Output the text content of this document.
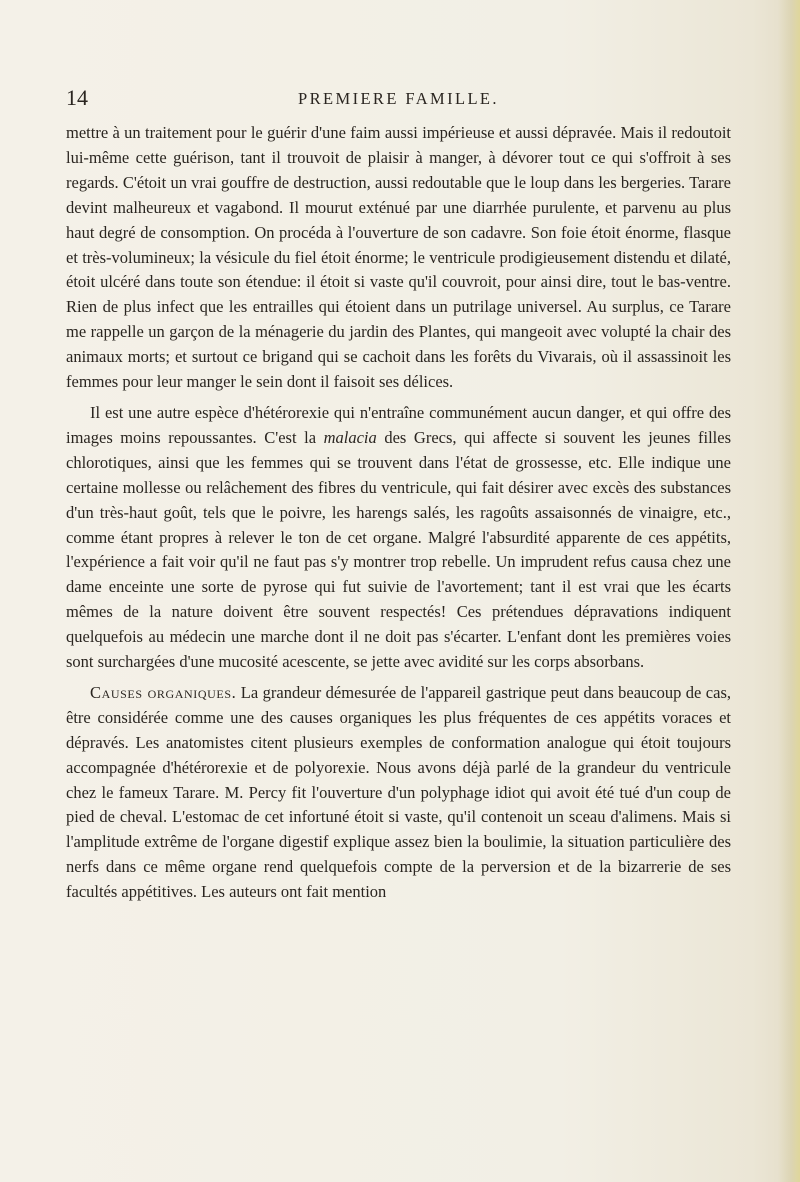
14	PREMIERE FAMILLE.

mettre à un traitement pour le guérir d'une faim aussi impérieuse et aussi dépravée. Mais il redoutoit lui-même cette guérison, tant il trouvoit de plaisir à manger, à dévorer tout ce qui s'offroit à ses regards. C'étoit un vrai gouffre de destruction, aussi redoutable que le loup dans les bergeries. Tarare devint malheureux et vagabond. Il mourut exténué par une diarrhée purulente, et parvenu au plus haut degré de consomption. On procéda à l'ouverture de son cadavre. Son foie étoit énorme, flasque et très-volumineux; la vésicule du fiel étoit énorme; le ventricule prodigieusement distendu et dilaté, étoit ulcéré dans toute son étendue: il étoit si vaste qu'il couvroit, pour ainsi dire, tout le bas-ventre. Rien de plus infect que les entrailles qui étoient dans un putrilage universel. Au surplus, ce Tarare me rappelle un garçon de la ménagerie du jardin des Plantes, qui mangeoit avec volupté la chair des animaux morts; et surtout ce brigand qui se cachoit dans les forêts du Vivarais, où il assassinoit les femmes pour leur manger le sein dont il faisoit ses délices.

Il est une autre espèce d'hétérorexie qui n'entraîne communément aucun danger, et qui offre des images moins repoussantes. C'est la malacia des Grecs, qui affecte si souvent les jeunes filles chlorotiques, ainsi que les femmes qui se trouvent dans l'état de grossesse, etc. Elle indique une certaine mollesse ou relâchement des fibres du ventricule, qui fait désirer avec excès des substances d'un très-haut goût, tels que le poivre, les harengs salés, les ragoûts assaisonnés de vinaigre, etc., comme étant propres à relever le ton de cet organe. Malgré l'absurdité apparente de ces appétits, l'expérience a fait voir qu'il ne faut pas s'y montrer trop rebelle. Un imprudent refus causa chez une dame enceinte une sorte de pyrose qui fut suivie de l'avortement; tant il est vrai que les écarts mêmes de la nature doivent être souvent respectés! Ces prétendues dépravations indiquent quelquefois au médecin une marche dont il ne doit pas s'écarter. L'enfant dont les premières voies sont surchargées d'une mucosité acescente, se jette avec avidité sur les corps absorbans.

Causes organiques. La grandeur démesurée de l'appareil gastrique peut dans beaucoup de cas, être considérée comme une des causes organiques les plus fréquentes de ces appétits voraces et dépravés. Les anatomistes citent plusieurs exemples de conformation analogue qui étoit toujours accompagnée d'hétérorexie et de polyorexie. Nous avons déjà parlé de la grandeur du ventricule chez le fameux Tarare. M. Percy fit l'ouverture d'un polyphage idiot qui avoit été tué d'un coup de pied de cheval. L'estomac de cet infortuné étoit si vaste, qu'il contenoit un sceau d'alimens. Mais si l'amplitude extrême de l'organe digestif explique assez bien la boulimie, la situation particulière des nerfs dans ce même organe rend quelquefois compte de la perversion et de la bizarrerie de ses facultés appétitives. Les auteurs ont fait mention
